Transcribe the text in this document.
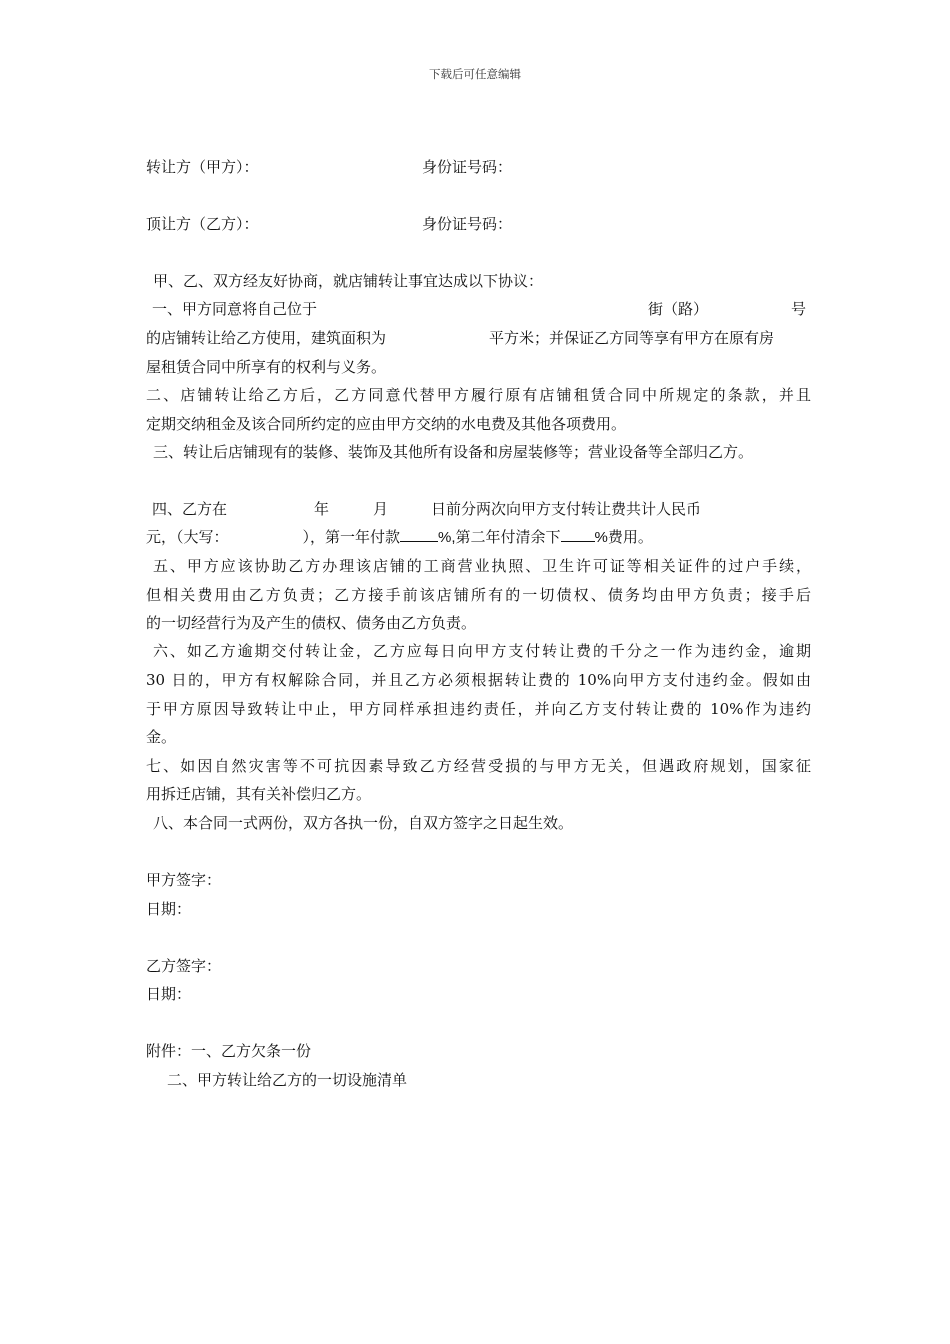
下载后可任意编辑
转让方（甲方）：	身份证号码：
顶让方（乙方）：	身份证号码：
甲、乙、双方经友好协商，就店铺转让事宜达成以下协议：
一、甲方同意将自己位于	街（路）	号
的店铺转让给乙方使用，建筑面积为	平方米；并保证乙方同等享有甲方在原有房
屋租赁合同中所享有的权利与义务。
二、店铺转让给乙方后，乙方同意代替甲方履行原有店铺租赁合同中所规定的条款，并且
定期交纳租金及该合同所约定的应由甲方交纳的水电费及其他各项费用。
三、转让后店铺现有的装修、装饰及其他所有设备和房屋装修等；营业设备等全部归乙方。
四、乙方在	年	月	日前分两次向甲方支付转让费共计人民币
元，（大写：	），第一年付款	%,第二年付清余下 %费用。
五、甲方应该协助乙方办理该店铺的工商营业执照、卫生许可证等相关证件的过户手续，
但相关费用由乙方负责；乙方接手前该店铺所有的一切债权、债务均由甲方负责；接手后
的一切经营行为及产生的债权、债务由乙方负责。
六、如乙方逾期交付转让金，乙方应每日向甲方支付转让费的千分之一作为违约金，逾期
30 日的，甲方有权解除合同，并且乙方必须根据转让费的 10%向甲方支付违约金。假如由
于甲方原因导致转让中止，甲方同样承担违约责任，并向乙方支付转让费的 10%作为违约
金。
七、如因自然灾害等不可抗因素导致乙方经营受损的与甲方无关，但遇政府规划，国家征
用拆迁店铺，其有关补偿归乙方。
八、本合同一式两份，双方各执一份，自双方签字之日起生效。
甲方签字：
日期：
乙方签字：
日期：
附件：一、乙方欠条一份
二、甲方转让给乙方的一切设施清单
